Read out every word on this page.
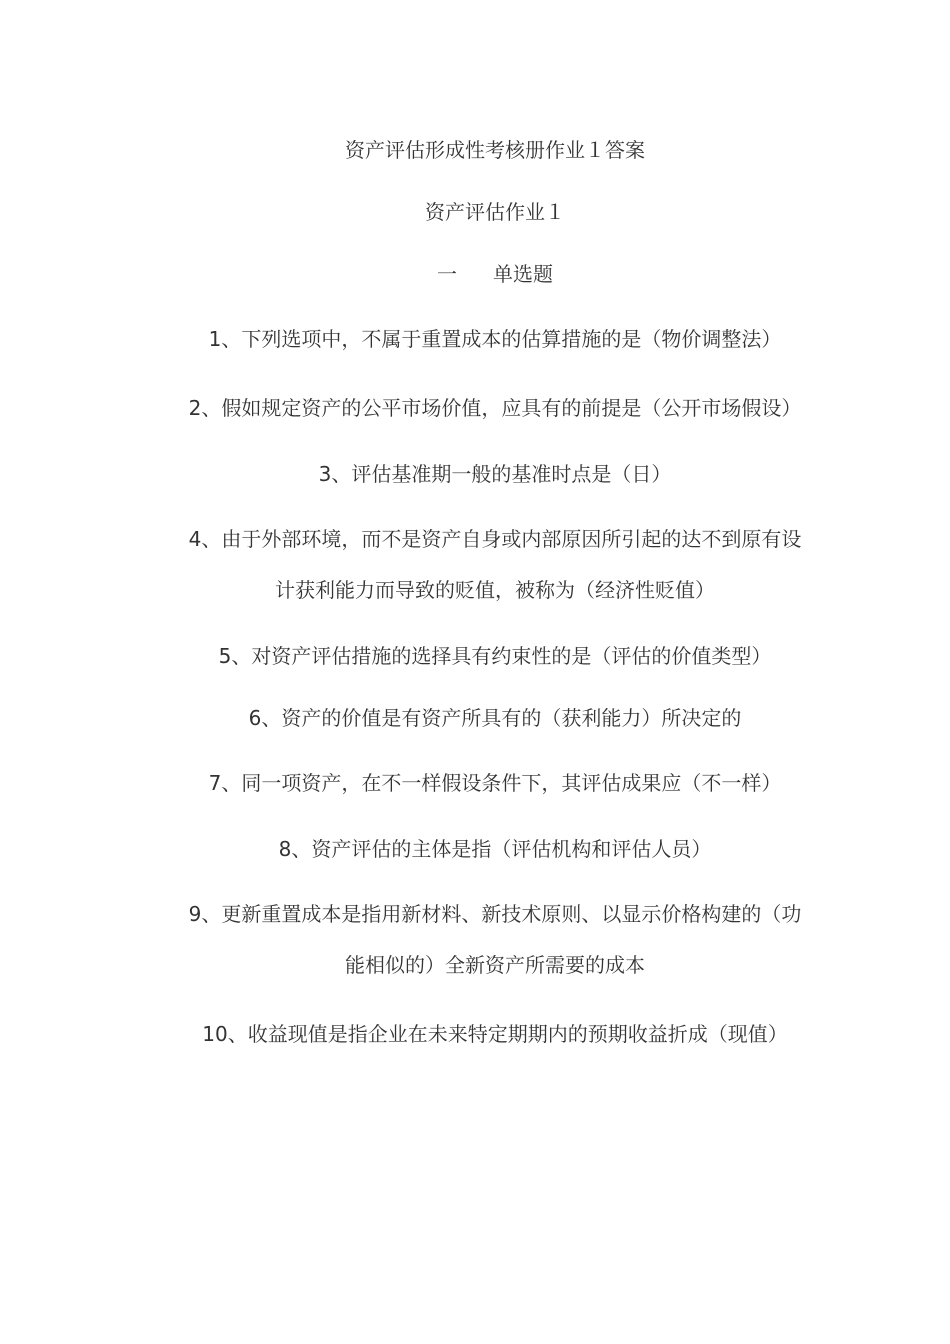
资产评估形成性考核册作业１答案
资产评估作业１
一 单选题

1、下列选项中，不属于重置成本的估算措施的是（物价调整法）

2、假如规定资产的公平市场价值，应具有的前提是（公开市场假设）

3、评估基准期一般的基准时点是（日）

4、由于外部环境，而不是资产自身或内部原因所引起的达不到原有设计获利能力而导致的贬值，被称为（经济性贬值）

5、对资产评估措施的选择具有约束性的是（评估的价值类型）

6、资产的价值是有资产所具有的（获利能力）所决定的

7、同一项资产，在不一样假设条件下，其评估成果应（不一样）

8、资产评估的主体是指（评估机构和评估人员）

9、更新重置成本是指用新材料、新技术原则、以显示价格构建的（功能相似的）全新资产所需要的成本

10、收益现值是指企业在未来特定期期内的预期收益折成（现值）
